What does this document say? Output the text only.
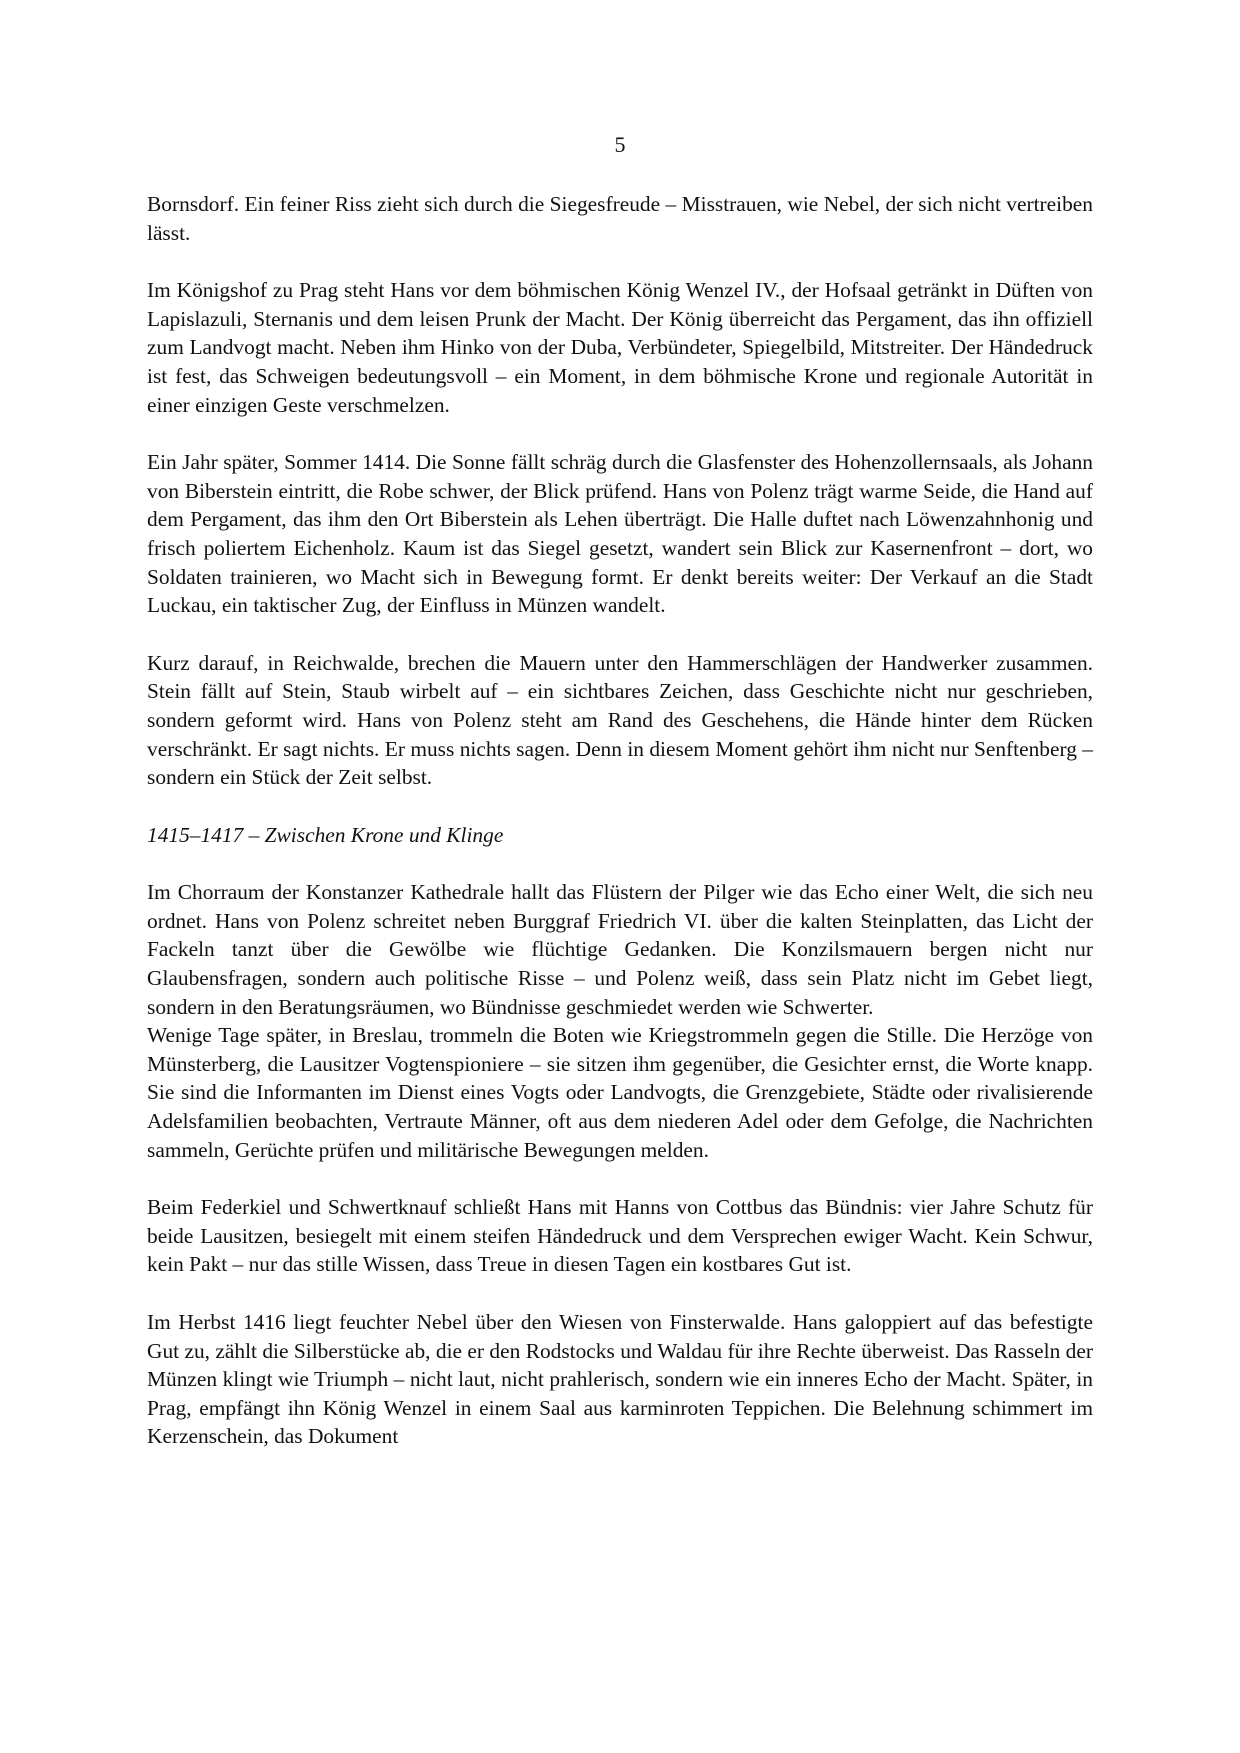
5

Bornsdorf. Ein feiner Riss zieht sich durch die Siegesfreude – Misstrauen, wie Nebel, der sich nicht vertreiben lässt.

Im Königshof zu Prag steht Hans vor dem böhmischen König Wenzel IV., der Hofsaal getränkt in Düften von Lapislazuli, Sternanis und dem leisen Prunk der Macht. Der König überreicht das Pergament, das ihn offiziell zum Landvogt macht. Neben ihm Hinko von der Duba, Verbündeter, Spiegelbild, Mitstreiter. Der Händedruck ist fest, das Schweigen bedeutungsvoll – ein Moment, in dem böhmische Krone und regionale Autorität in einer einzigen Geste verschmelzen.

Ein Jahr später, Sommer 1414. Die Sonne fällt schräg durch die Glasfenster des Hohenzollernsaals, als Johann von Biberstein eintritt, die Robe schwer, der Blick prüfend. Hans von Polenz trägt warme Seide, die Hand auf dem Pergament, das ihm den Ort Biberstein als Lehen überträgt. Die Halle duftet nach Löwenzahnhonig und frisch poliertem Eichenholz. Kaum ist das Siegel gesetzt, wandert sein Blick zur Kasernenfront – dort, wo Soldaten trainieren, wo Macht sich in Bewegung formt. Er denkt bereits weiter: Der Verkauf an die Stadt Luckau, ein taktischer Zug, der Einfluss in Münzen wandelt.

Kurz darauf, in Reichwalde, brechen die Mauern unter den Hammerschlägen der Handwerker zusammen. Stein fällt auf Stein, Staub wirbelt auf – ein sichtbares Zeichen, dass Geschichte nicht nur geschrieben, sondern geformt wird. Hans von Polenz steht am Rand des Geschehens, die Hände hinter dem Rücken verschränkt. Er sagt nichts. Er muss nichts sagen. Denn in diesem Moment gehört ihm nicht nur Senftenberg – sondern ein Stück der Zeit selbst.

1415–1417 – Zwischen Krone und Klinge

Im Chorraum der Konstanzer Kathedrale hallt das Flüstern der Pilger wie das Echo einer Welt, die sich neu ordnet. Hans von Polenz schreitet neben Burggraf Friedrich VI. über die kalten Steinplatten, das Licht der Fackeln tanzt über die Gewölbe wie flüchtige Gedanken. Die Konzilsmauern bergen nicht nur Glaubensfragen, sondern auch politische Risse – und Polenz weiß, dass sein Platz nicht im Gebet liegt, sondern in den Beratungsräumen, wo Bündnisse geschmiedet werden wie Schwerter.

Wenige Tage später, in Breslau, trommeln die Boten wie Kriegstrommeln gegen die Stille. Die Herzöge von Münsterberg, die Lausitzer Vogtenspioniere – sie sitzen ihm gegenüber, die Gesichter ernst, die Worte knapp. Sie sind die Informanten im Dienst eines Vogts oder Landvogts, die Grenzgebiete, Städte oder rivalisierende Adelsfamilien beobachten, Vertraute Männer, oft aus dem niederen Adel oder dem Gefolge, die Nachrichten sammeln, Gerüchte prüfen und militärische Bewegungen melden.

Beim Federkiel und Schwertknauf schließt Hans mit Hanns von Cottbus das Bündnis: vier Jahre Schutz für beide Lausitzen, besiegelt mit einem steifen Händedruck und dem Versprechen ewiger Wacht. Kein Schwur, kein Pakt – nur das stille Wissen, dass Treue in diesen Tagen ein kostbares Gut ist.

Im Herbst 1416 liegt feuchter Nebel über den Wiesen von Finsterwalde. Hans galoppiert auf das befestigte Gut zu, zählt die Silberstücke ab, die er den Rodstocks und Waldau für ihre Rechte überweist. Das Rasseln der Münzen klingt wie Triumph – nicht laut, nicht prahlerisch, sondern wie ein inneres Echo der Macht. Später, in Prag, empfängt ihn König Wenzel in einem Saal aus karminroten Teppichen. Die Belehnung schimmert im Kerzenschein, das Dokument
